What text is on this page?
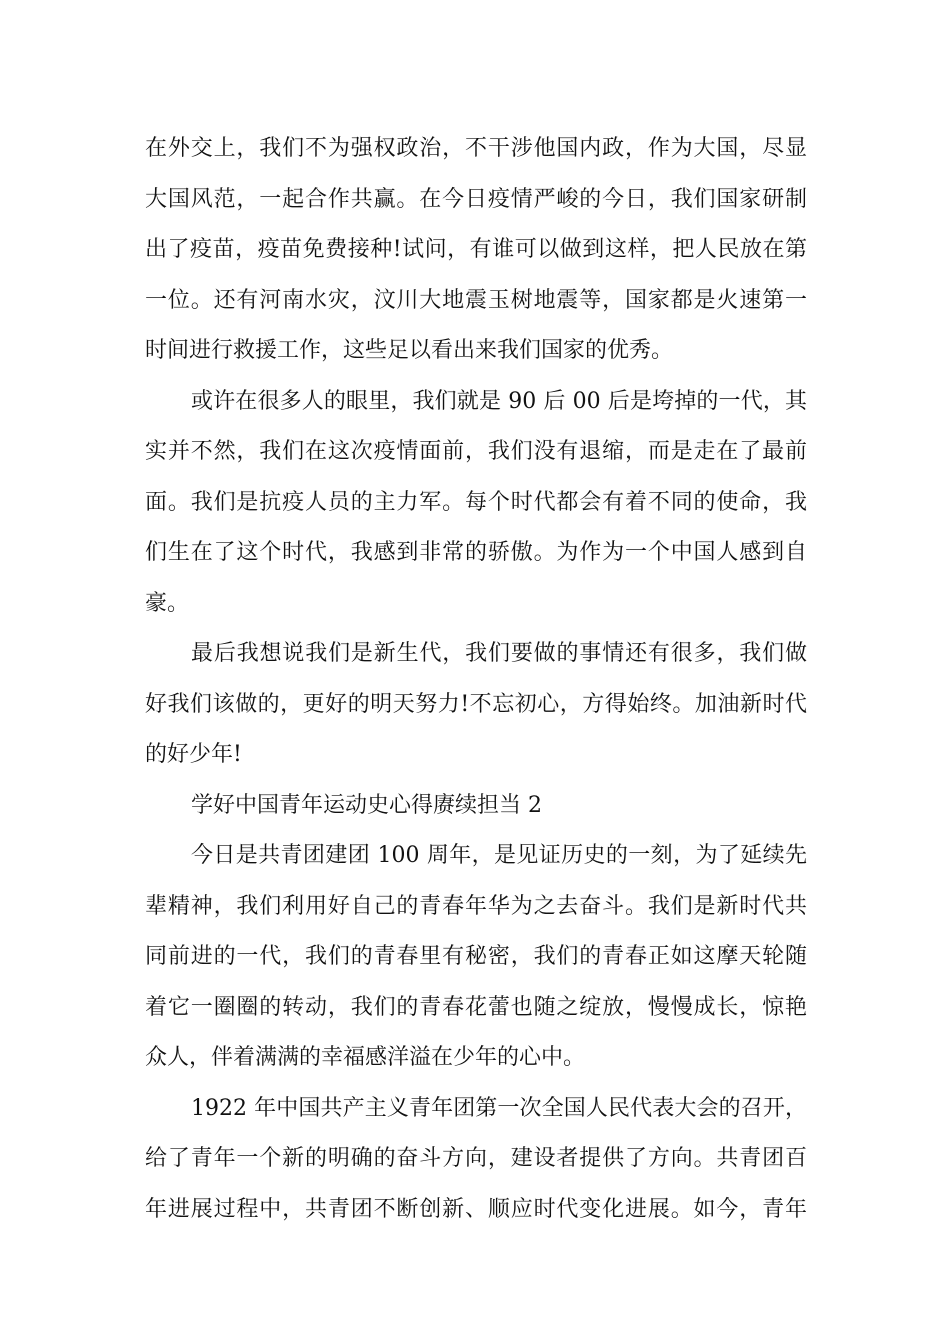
在外交上，我们不为强权政治，不干涉他国内政，作为大国，尽显
大国风范，一起合作共赢。在今日疫情严峻的今日，我们国家研制
出了疫苗，疫苗免费接种!试问，有谁可以做到这样，把人民放在第
一位。还有河南水灾，汶川大地震玉树地震等，国家都是火速第一
时间进行救援工作，这些足以看出来我们国家的优秀。
或许在很多人的眼里，我们就是 90 后 00 后是垮掉的一代，其
实并不然，我们在这次疫情面前，我们没有退缩，而是走在了最前
面。我们是抗疫人员的主力军。每个时代都会有着不同的使命，我
们生在了这个时代，我感到非常的骄傲。为作为一个中国人感到自
豪。
最后我想说我们是新生代，我们要做的事情还有很多，我们做
好我们该做的，更好的明天努力!不忘初心，方得始终。加油新时代
的好少年!
学好中国青年运动史心得赓续担当 2
今日是共青团建团 100 周年，是见证历史的一刻，为了延续先
辈精神，我们利用好自己的青春年华为之去奋斗。我们是新时代共
同前进的一代，我们的青春里有秘密，我们的青春正如这摩天轮随
着它一圈圈的转动，我们的青春花蕾也随之绽放，慢慢成长，惊艳
众人，伴着满满的幸福感洋溢在少年的心中。
1922 年中国共产主义青年团第一次全国人民代表大会的召开，
给了青年一个新的明确的奋斗方向，建设者提供了方向。共青团百
年进展过程中，共青团不断创新、顺应时代变化进展。如今，青年
